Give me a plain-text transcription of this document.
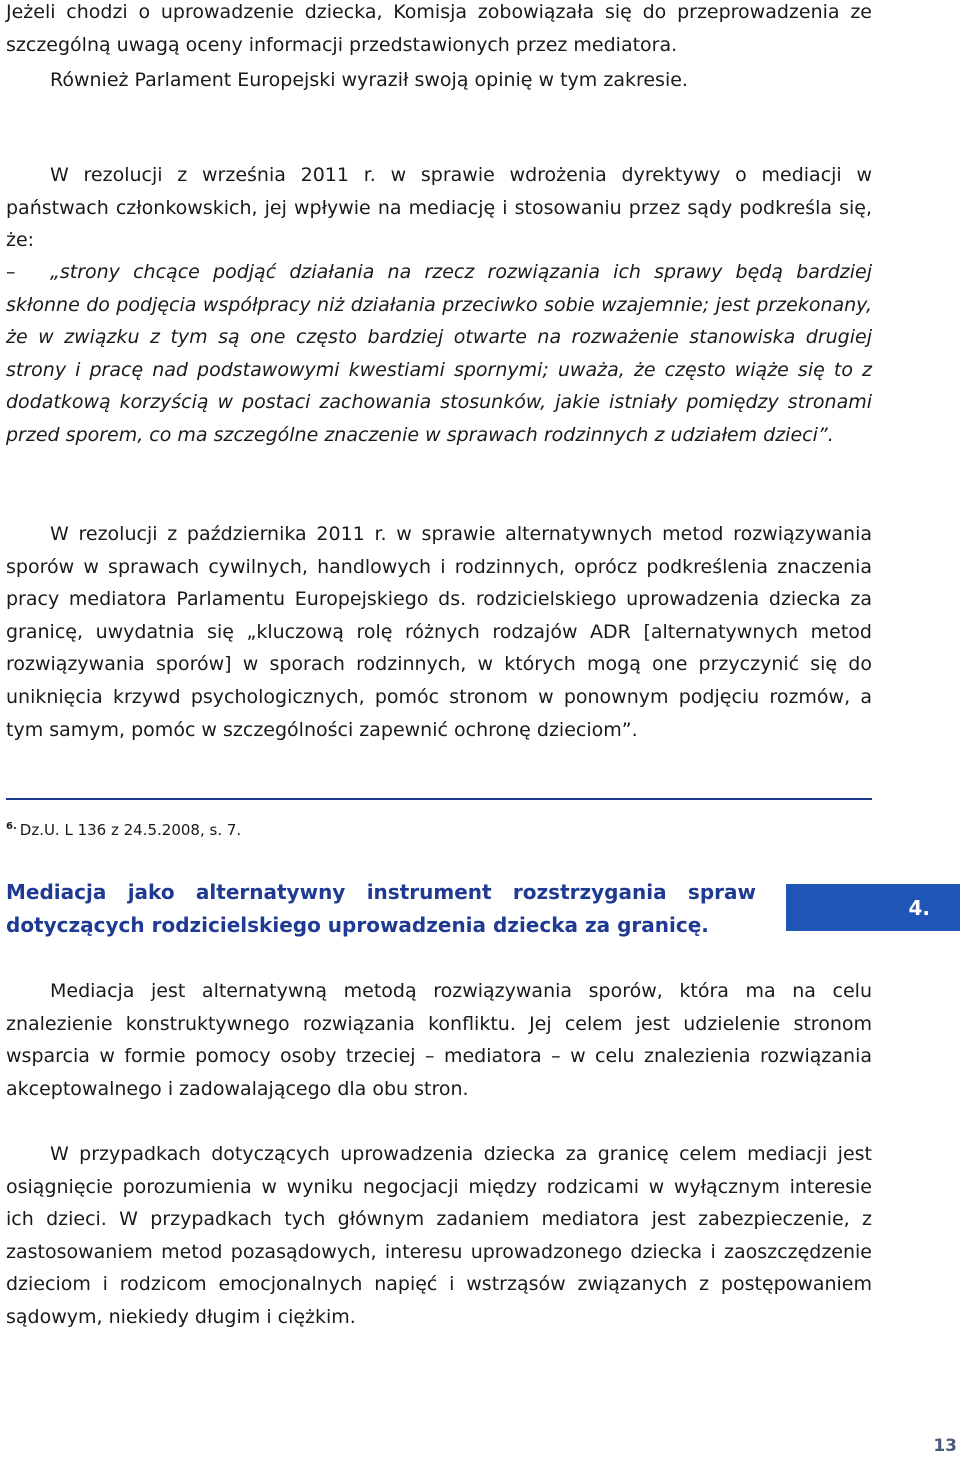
Jeżeli chodzi o uprowadzenie dziecka, Komisja zobowiązała się do przeprowadzenia ze szczególną uwagą oceny informacji przedstawionych przez mediatora.

Również Parlament Europejski wyraził swoją opinię w tym zakresie.

W rezolucji z września 2011 r. w sprawie wdrożenia dyrektywy o mediacji w państwach członkowskich, jej wpływie na mediację i stosowaniu przez sądy podkreśla się, że:

– „strony chcące podjąć działania na rzecz rozwiązania ich sprawy będą bardziej skłonne do podjęcia współpracy niż działania przeciwko sobie wzajemnie; jest przekonany, że w związku z tym są one często bardziej otwarte na rozważenie stanowiska drugiej strony i pracę nad podstawowymi kwestiami spornymi; uważa, że często wiąże się to z dodatkową korzyścią w postaci zachowania stosunków, jakie istniały pomiędzy stronami przed sporem, co ma szczególne znaczenie w sprawach rodzinnych z udziałem dzieci”.

W rezolucji z października 2011 r. w sprawie alternatywnych metod rozwiązywania sporów w sprawach cywilnych, handlowych i rodzinnych, oprócz podkreślenia znaczenia pracy mediatora Parlamentu Europejskiego ds. rodzicielskiego uprowadzenia dziecka za granicę, uwydatnia się „kluczową rolę różnych rodzajów ADR [alternatywnych metod rozwiązywania sporów] w sporach rodzinnych, w których mogą one przyczynić się do uniknięcia krzywd psychologicznych, pomóc stronom w ponownym podjęciu rozmów, a tym samym, pomóc w szczególności zapewnić ochronę dzieciom”.

$^{6.}$ Dz.U. L 136 z 24.5.2008, s. 7.
Mediacja jako alternatywny instrument rozstrzygania spraw dotyczących rodzicielskiego uprowadzenia dziecka za granicę.
4.

Mediacja jest alternatywną metodą rozwiązywania sporów, która ma na celu znalezienie konstruktywnego rozwiązania konfliktu. Jej celem jest udzielenie stronom wsparcia w formie pomocy osoby trzeciej – mediatora – w celu znalezienia rozwiązania akceptowalnego i zadowalającego dla obu stron.

W przypadkach dotyczących uprowadzenia dziecka za granicę celem mediacji jest osiągnięcie porozumienia w wyniku negocjacji między rodzicami w wyłącznym interesie ich dzieci. W przypadkach tych głównym zadaniem mediatora jest zabezpieczenie, z zastosowaniem metod pozasądowych, interesu uprowadzonego dziecka i zaoszczędzenie dzieciom i rodzicom emocjonalnych napięć i wstrząsów związanych z postępowaniem sądowym, niekiedy długim i ciężkim.

13
